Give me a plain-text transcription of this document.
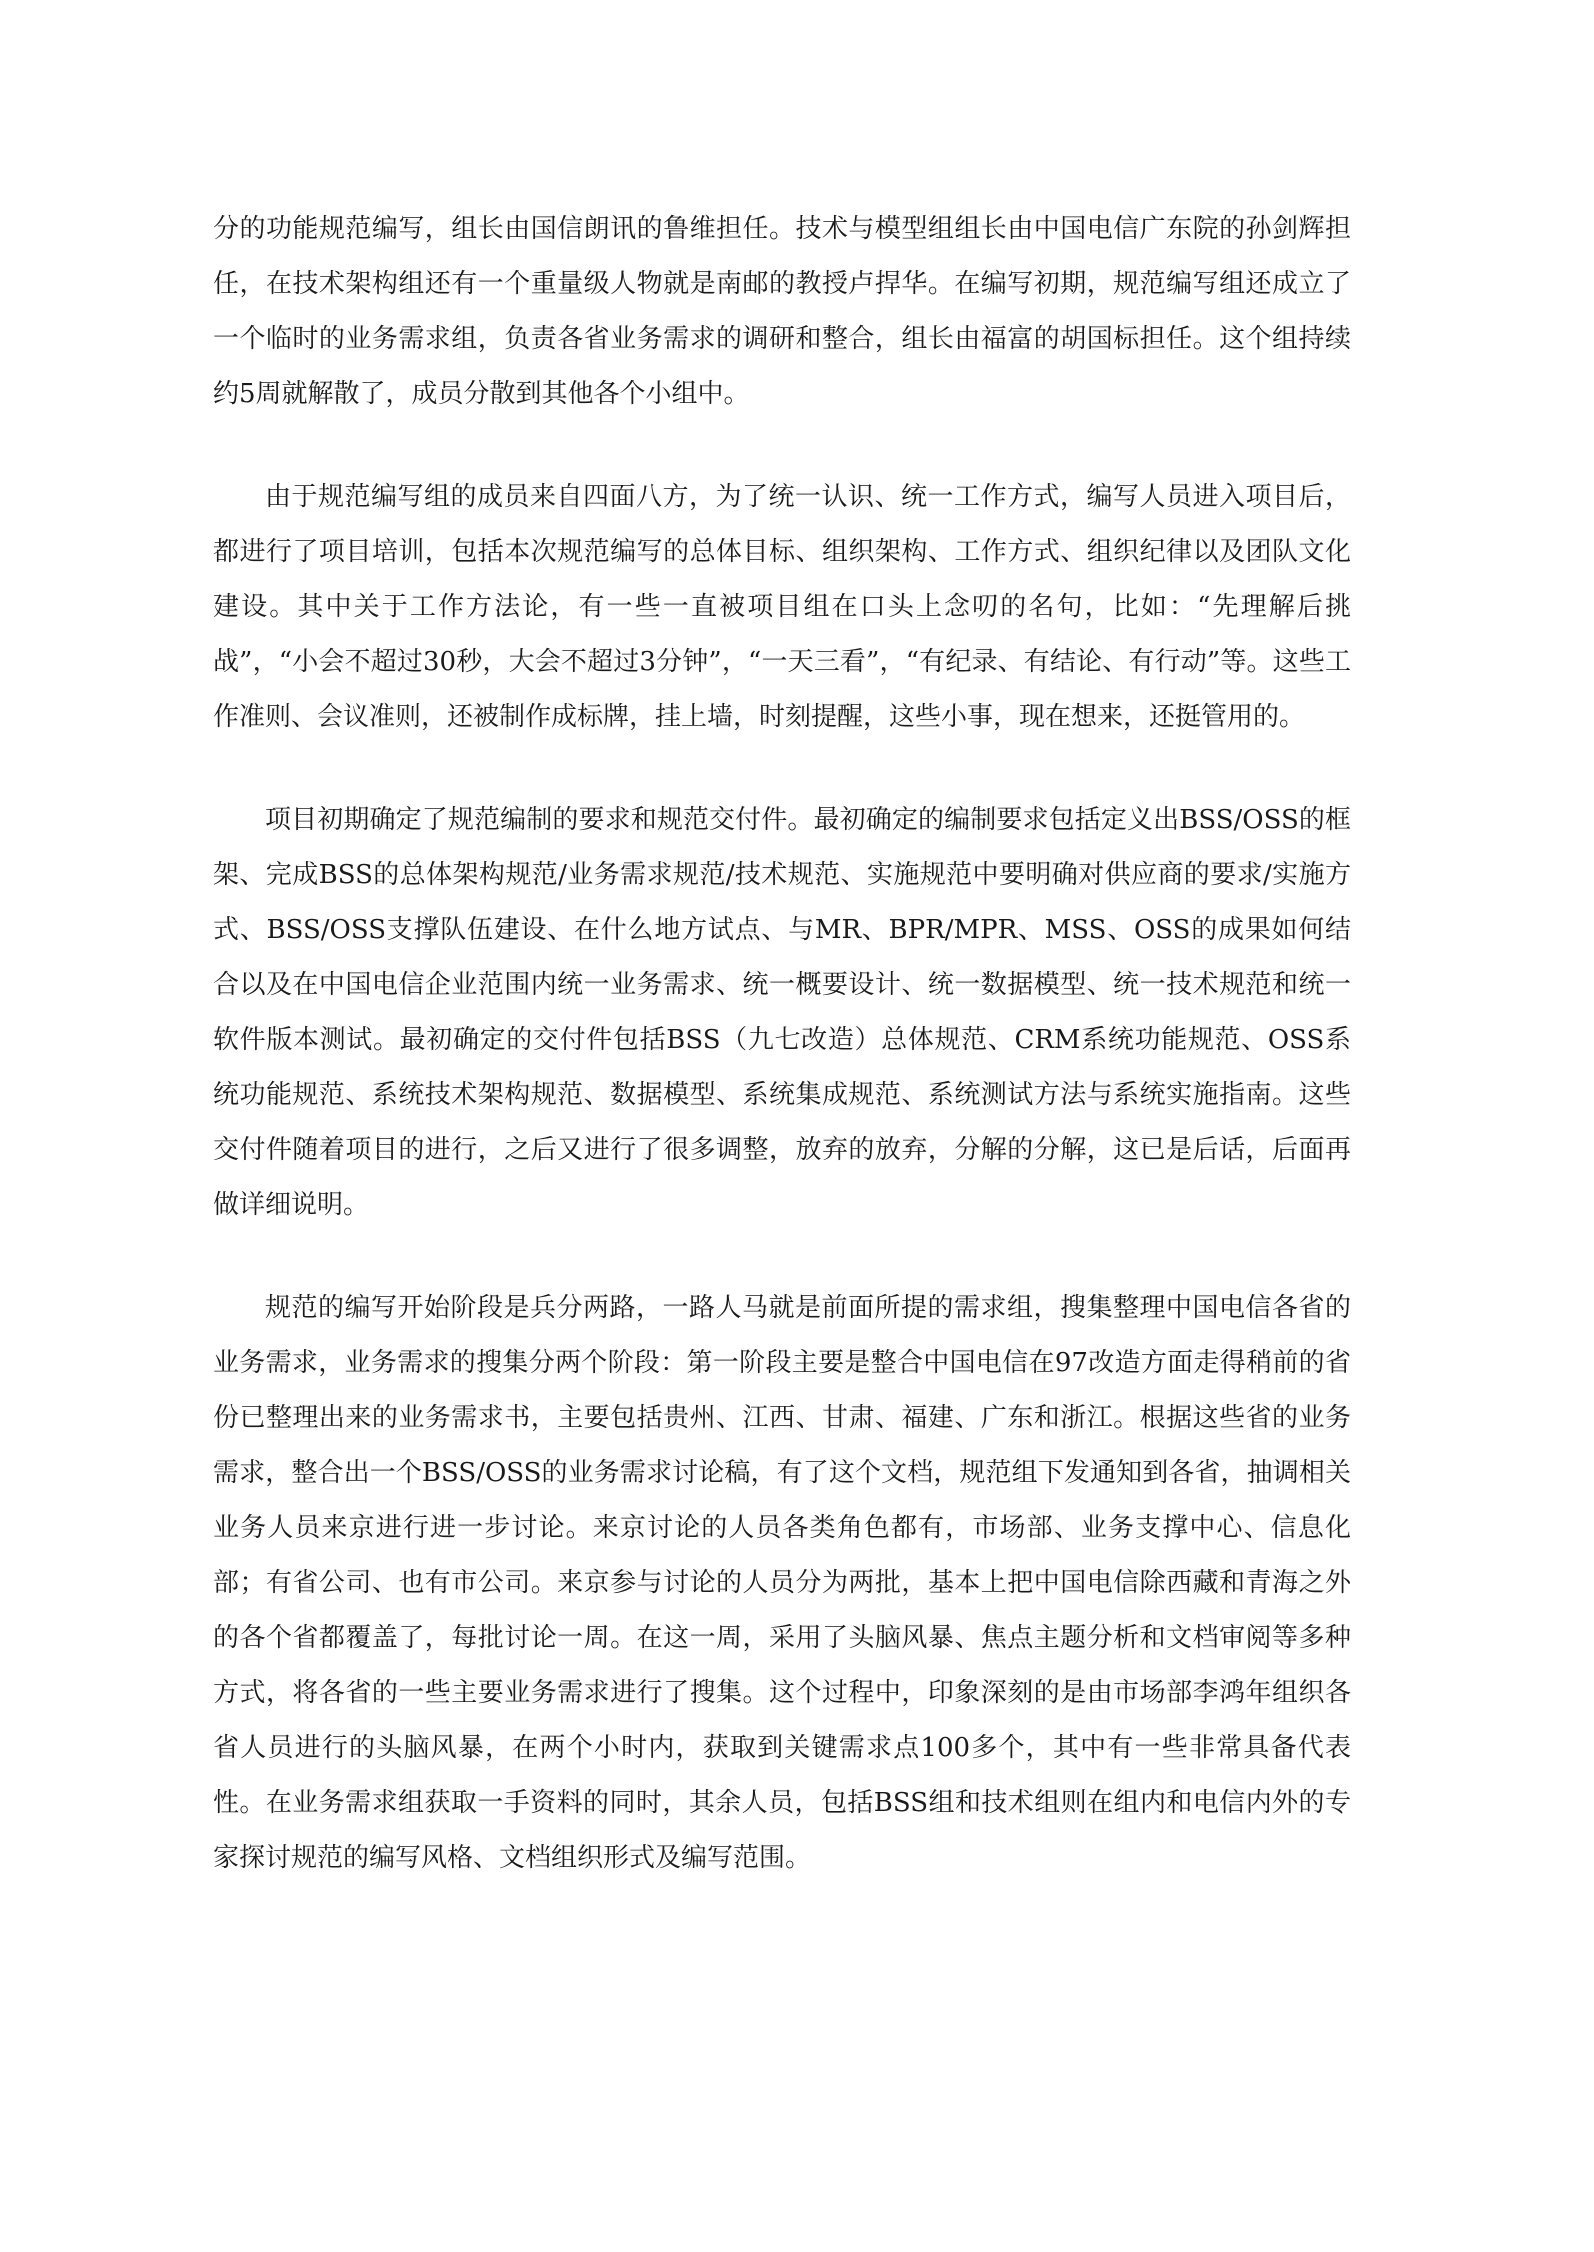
分的功能规范编写，组长由国信朗讯的鲁维担任。技术与模型组组长由中国电信广东院的孙剑辉担任，在技术架构组还有一个重量级人物就是南邮的教授卢捍华。在编写初期，规范编写组还成立了一个临时的业务需求组，负责各省业务需求的调研和整合，组长由福富的胡国标担任。这个组持续约5周就解散了，成员分散到其他各个小组中。

由于规范编写组的成员来自四面八方，为了统一认识、统一工作方式，编写人员进入项目后，都进行了项目培训，包括本次规范编写的总体目标、组织架构、工作方式、组织纪律以及团队文化建设。其中关于工作方法论，有一些一直被项目组在口头上念叨的名句，比如：“先理解后挑战”，“小会不超过30秒，大会不超过3分钟”，“一天三看”，“有纪录、有结论、有行动”等。这些工作准则、会议准则，还被制作成标牌，挂上墙，时刻提醒，这些小事，现在想来，还挺管用的。

项目初期确定了规范编制的要求和规范交付件。最初确定的编制要求包括定义出BSS/OSS的框架、完成BSS的总体架构规范/业务需求规范/技术规范、实施规范中要明确对供应商的要求/实施方式、BSS/OSS支撑队伍建设、在什么地方试点、与MR、BPR/MPR、MSS、OSS的成果如何结合以及在中国电信企业范围内统一业务需求、统一概要设计、统一数据模型、统一技术规范和统一软件版本测试。最初确定的交付件包括BSS（九七改造）总体规范、CRM系统功能规范、OSS系统功能规范、系统技术架构规范、数据模型、系统集成规范、系统测试方法与系统实施指南。这些交付件随着项目的进行，之后又进行了很多调整，放弃的放弃，分解的分解，这已是后话，后面再做详细说明。

规范的编写开始阶段是兵分两路，一路人马就是前面所提的需求组，搜集整理中国电信各省的业务需求，业务需求的搜集分两个阶段：第一阶段主要是整合中国电信在97改造方面走得稍前的省份已整理出来的业务需求书，主要包括贵州、江西、甘肃、福建、广东和浙江。根据这些省的业务需求，整合出一个BSS/OSS的业务需求讨论稿，有了这个文档，规范组下发通知到各省，抽调相关业务人员来京进行进一步讨论。来京讨论的人员各类角色都有，市场部、业务支撑中心、信息化部；有省公司、也有市公司。来京参与讨论的人员分为两批，基本上把中国电信除西藏和青海之外的各个省都覆盖了，每批讨论一周。在这一周，采用了头脑风暴、焦点主题分析和文档审阅等多种方式，将各省的一些主要业务需求进行了搜集。这个过程中，印象深刻的是由市场部李鸿年组织各省人员进行的头脑风暴，在两个小时内，获取到关键需求点100多个，其中有一些非常具备代表性。在业务需求组获取一手资料的同时，其余人员，包括BSS组和技术组则在组内和电信内外的专家探讨规范的编写风格、文档组织形式及编写范围。
